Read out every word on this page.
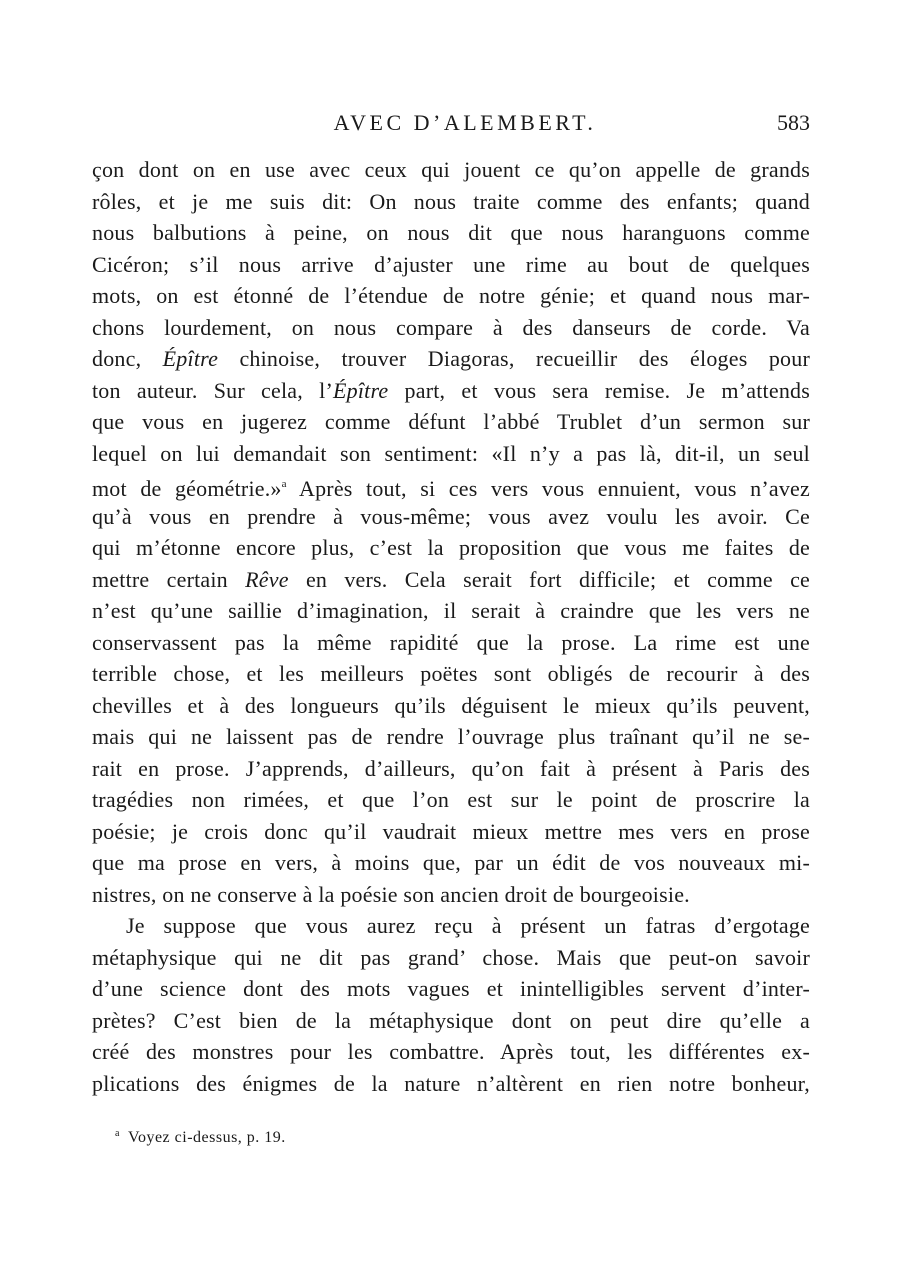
AVEC D’ALEMBERT.	583
çon dont on en use avec ceux qui jouent ce qu’on appelle de grands
rôles, et je me suis dit: On nous traite comme des enfants; quand
nous balbutions à peine, on nous dit que nous haranguons comme
Cicéron; s’il nous arrive d’ajuster une rime au bout de quelques
mots, on est étonné de l’étendue de notre génie; et quand nous mar-
chons lourdement, on nous compare à des danseurs de corde. Va
donc, Épître chinoise, trouver Diagoras, recueillir des éloges pour
ton auteur. Sur cela, l’Épître part, et vous sera remise. Je m’attends
que vous en jugerez comme défunt l’abbé Trublet d’un sermon sur
lequel on lui demandait son sentiment: «Il n’y a pas là, dit-il, un seul
mot de géométrie.»$^a$ Après tout, si ces vers vous ennuient, vous n’avez
qu’à vous en prendre à vous-même; vous avez voulu les avoir. Ce
qui m’étonne encore plus, c’est la proposition que vous me faites de
mettre certain Rêve en vers. Cela serait fort difficile; et comme ce
n’est qu’une saillie d’imagination, il serait à craindre que les vers ne
conservassent pas la même rapidité que la prose. La rime est une
terrible chose, et les meilleurs poëtes sont obligés de recourir à des
chevilles et à des longueurs qu’ils déguisent le mieux qu’ils peuvent,
mais qui ne laissent pas de rendre l’ouvrage plus traînant qu’il ne se-
rait en prose. J’apprends, d’ailleurs, qu’on fait à présent à Paris des
tragédies non rimées, et que l’on est sur le point de proscrire la
poésie; je crois donc qu’il vaudrait mieux mettre mes vers en prose
que ma prose en vers, à moins que, par un édit de vos nouveaux mi-
nistres, on ne conserve à la poésie son ancien droit de bourgeoisie.
Je suppose que vous aurez reçu à présent un fatras d’ergotage
métaphysique qui ne dit pas grand’ chose. Mais que peut-on savoir
d’une science dont des mots vagues et inintelligibles servent d’inter-
prètes? C’est bien de la métaphysique dont on peut dire qu’elle a
créé des monstres pour les combattre. Après tout, les différentes ex-
plications des énigmes de la nature n’altèrent en rien notre bonheur,
$^a$ Voyez ci-dessus, p. 19.
